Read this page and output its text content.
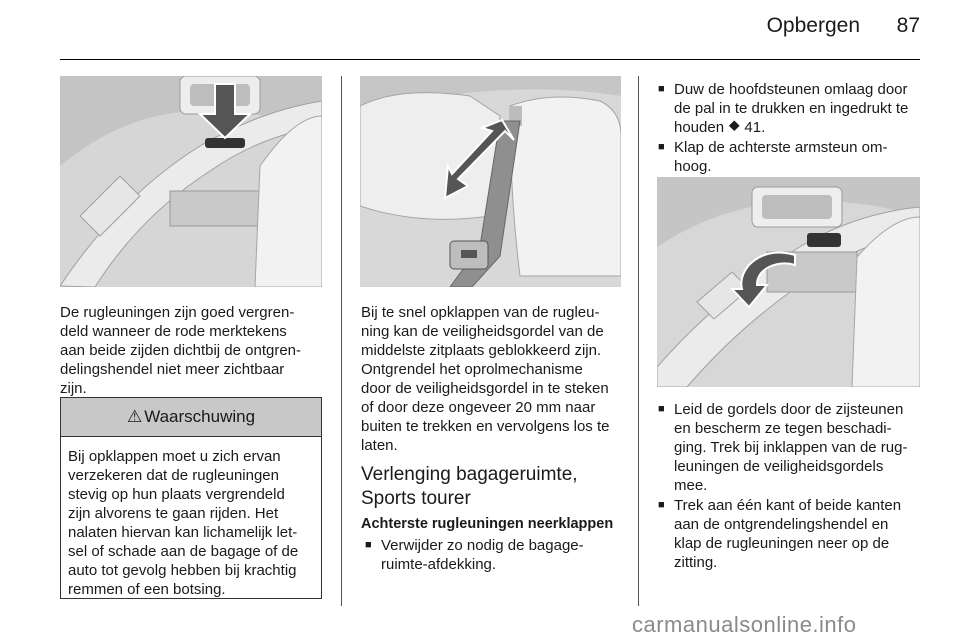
Opbergen	87

De rugleuningen zijn goed vergren-

deld wanneer de rode merktekens

aan beide zijden dichtbij de ontgren-

delingshendel niet meer zichtbaar

zijn.

⚠ Waarschuwing
Bij opklappen moet u zich ervan
verzekeren dat de rugleuningen
stevig op hun plaats vergrendeld
zijn alvorens te gaan rijden. Het
nalaten hiervan kan lichamelijk let-
sel of schade aan de bagage of de
auto tot gevolg hebben bij krachtig
remmen of een botsing.

Bij te snel opklappen van de rugleu-

ning kan de veiligheidsgordel van de

middelste zitplaats geblokkeerd zijn.

Ontgrendel het oprolmechanisme

door de veiligheidsgordel in te steken

of door deze ongeveer 20 mm naar

buiten te trekken en vervolgens los te

laten.

Verlenging bagageruimte,
Sports tourer
Achterste rugleuningen neerklappen
■ Verwijder zo nodig de bagage-
ruimte-afdekking.
■ Duw de hoofdsteunen omlaag door
de pal in te drukken en ingedrukt te
houden ⯁ 41.
■ Klap de achterste armsteun om-
hoog.
■ Leid de gordels door de zijsteunen
en bescherm ze tegen beschadi-
ging. Trek bij inklappen van de rug-
leuningen de veiligheidsgordels
mee.
■ Trek aan één kant of beide kanten
aan de ontgrendelingshendel en
klap de rugleuningen neer op de
zitting.
carmanualsonline.info
